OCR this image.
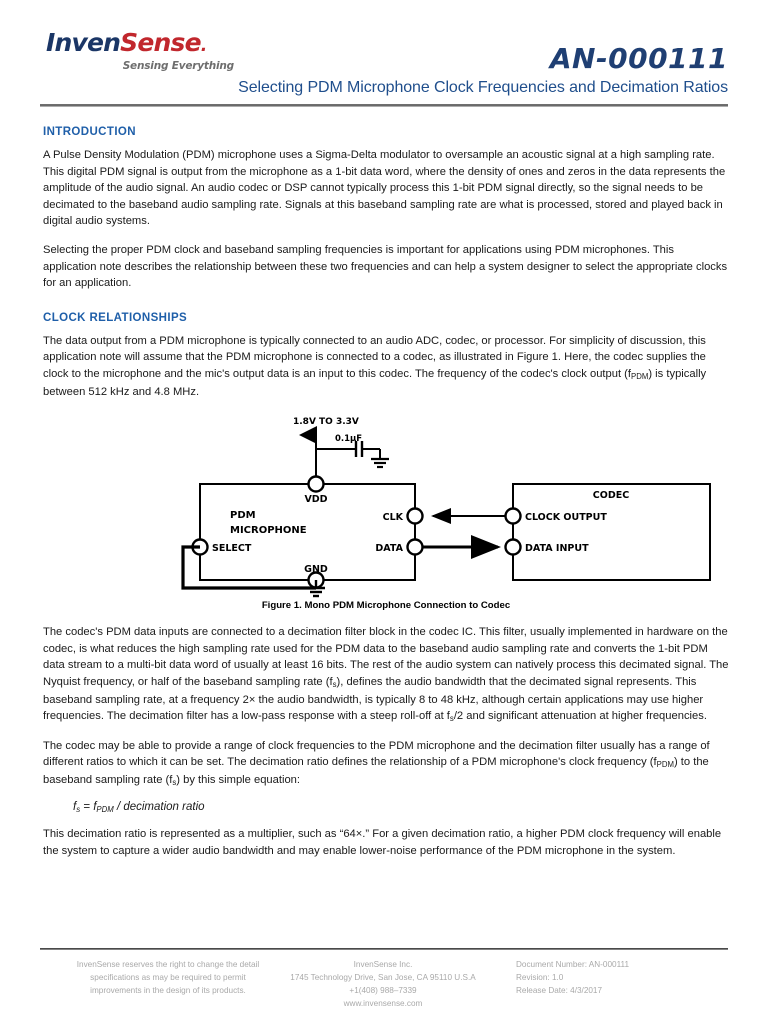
InvenSense.
Sensing Everything	AN-000111
Selecting PDM Microphone Clock Frequencies and Decimation Ratios
INTRODUCTION

A Pulse Density Modulation (PDM) microphone uses a Sigma-Delta modulator to oversample an acoustic signal at a high sampling rate. This digital PDM signal is output from the microphone as a 1-bit data word, where the density of ones and zeros in the data represents the amplitude of the audio signal. An audio codec or DSP cannot typically process this 1-bit PDM signal directly, so the signal needs to be decimated to the baseband audio sampling rate. Signals at this baseband sampling rate are what is processed, stored and played back in digital audio systems.

Selecting the proper PDM clock and baseband sampling frequencies is important for applications using PDM microphones. This application note describes the relationship between these two frequencies and can help a system designer to select the appropriate clocks for an application.

CLOCK RELATIONSHIPS

The data output from a PDM microphone is typically connected to an audio ADC, codec, or processor. For simplicity of discussion, this application note will assume that the PDM microphone is connected to a codec, as illustrated in Figure 1. Here, the codec supplies the clock to the microphone and the mic's output data is an input to this codec. The frequency of the codec's clock output $(f_{PDM})$ is typically between 512 kHz and 4.8 MHz.

1.8V TO 3.3V
0.1µF
PDM
MICROPHONE
VDD
CLK
DATA
SELECT
GND
CODEC
CLOCK OUTPUT
DATA INPUT
Figure 1. Mono PDM Microphone Connection to Codec

The codec's PDM data inputs are connected to a decimation filter block in the codec IC. This filter, usually implemented in hardware on the codec, is what reduces the high sampling rate used for the PDM data to the baseband audio sampling rate and converts the 1-bit PDM data stream to a multi-bit data word of usually at least 16 bits. The rest of the audio system can natively process this decimated signal. The Nyquist frequency, or half of the baseband sampling rate $(f_s)$, defines the audio bandwidth that the decimated signal represents. This baseband sampling rate, at a frequency 2× the audio bandwidth, is typically 8 to 48 kHz, although certain applications may use higher frequencies. The decimation filter has a low-pass response with a steep roll-off at $f_s/2$ and significant attenuation at higher frequencies.

The codec may be able to provide a range of clock frequencies to the PDM microphone and the decimation filter usually has a range of different ratios to which it can be set. The decimation ratio defines the relationship of a PDM microphone's clock frequency $(f_{PDM})$ to the baseband sampling rate $(f_s)$ by this simple equation:

$f_s = f_{PDM}$ / decimation ratio

This decimation ratio is represented as a multiplier, such as “64×.” For a given decimation ratio, a higher PDM clock frequency will enable the system to capture a wider audio bandwidth and may enable lower-noise performance of the PDM microphone in the system.

InvenSense reserves the right to change the detail
specifications as may be required to permit
improvements in the design of its products.
InvenSense Inc.
1745 Technology Drive, San Jose, CA 95110 U.S.A
+1(408) 988–7339
www.invensense.com
Document Number: AN-000111
Revision: 1.0
Release Date: 4/3/2017
